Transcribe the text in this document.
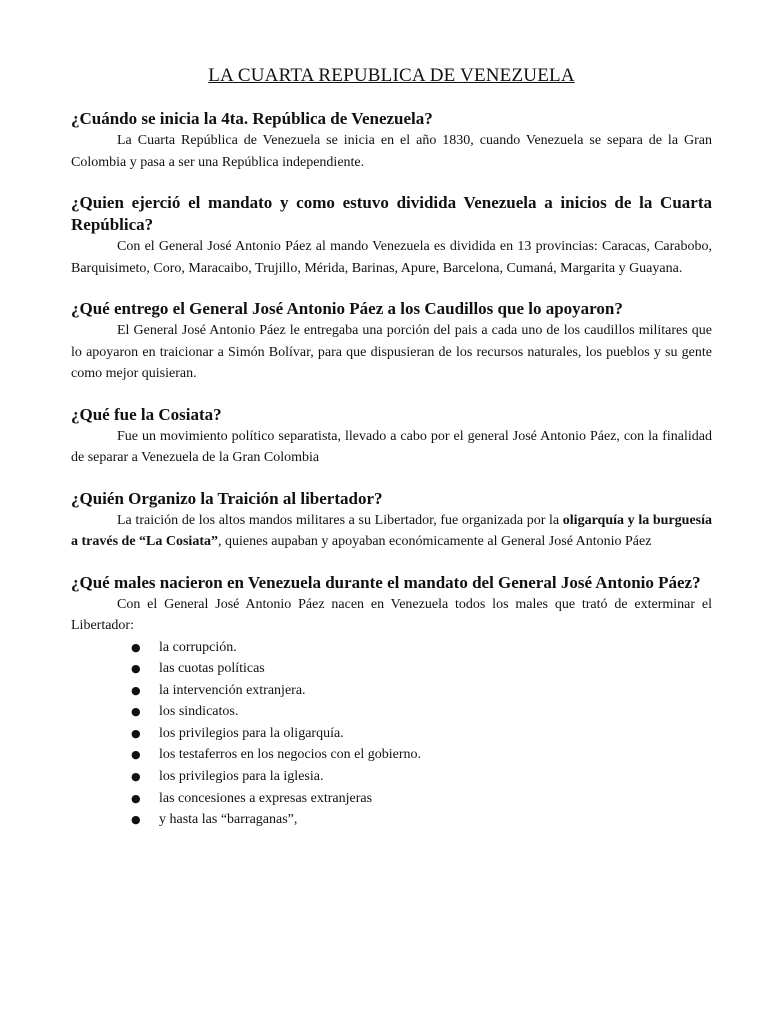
LA CUARTA REPUBLICA DE VENEZUELA

¿Cuándo se inicia la 4ta. República de Venezuela?

La Cuarta República de Venezuela se inicia en el año 1830, cuando Venezuela se separa de la Gran Colombia y pasa a ser una República independiente.

¿Quien ejerció el mandato y como estuvo dividida Venezuela a inicios de la Cuarta República?

Con el General José Antonio Páez al mando Venezuela es dividida en 13 provincias: Caracas, Carabobo, Barquisimeto, Coro, Maracaibo, Trujillo, Mérida, Barinas, Apure, Barcelona, Cumaná, Margarita y Guayana.

¿Qué entrego el General José Antonio Páez a los Caudillos que lo apoyaron?

El General José Antonio Páez le entregaba una porción del pais a cada uno de los caudillos militares que lo apoyaron en traicionar a Simón Bolívar, para que dispusieran de los recursos naturales, los pueblos y su gente como mejor quisieran.

¿Qué fue la Cosiata?

Fue un movimiento político separatista, llevado a cabo por el general José Antonio Páez, con la finalidad de separar a Venezuela de la Gran Colombia

¿Quién Organizo la Traición al libertador?

La traición de los altos mandos militares a su Libertador, fue organizada por la oligarquía y la burguesía a través de “La Cosiata”, quienes aupaban y apoyaban económicamente al General José Antonio Páez

¿Qué males nacieron en Venezuela durante el mandato del General José Antonio Páez?

Con el General José Antonio Páez nacen en Venezuela todos los males que trató de exterminar el Libertador:

●	la corrupción.
●	las cuotas políticas
●	la intervención extranjera.
●	los sindicatos.
●	los privilegios para la oligarquía.
●	los testaferros en los negocios con el gobierno.
●	los privilegios para la iglesia.
●	las concesiones a expresas extranjeras
●	y hasta las “barraganas”,
